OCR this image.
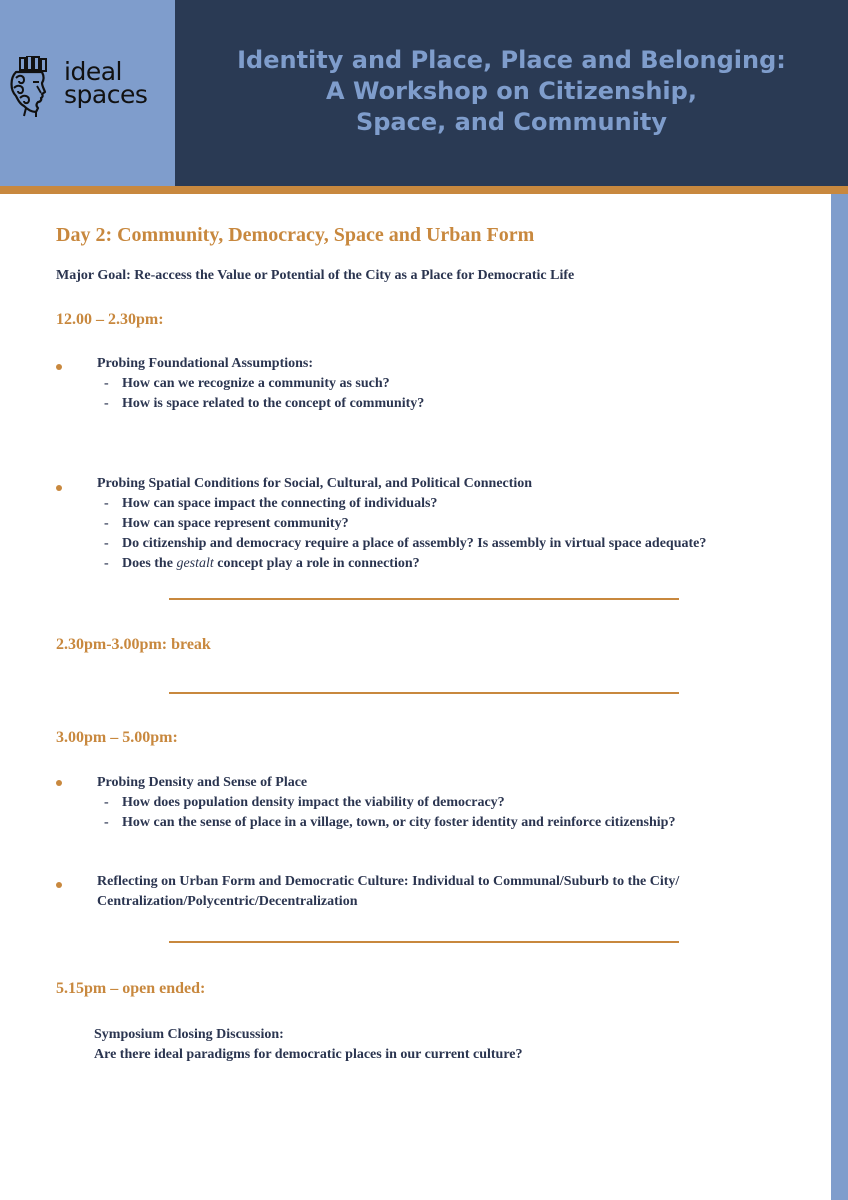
ideal
spaces
Identity and Place, Place and Belonging:
A Workshop on Citizenship,
Space, and Community
Day 2: Community, Democracy, Space and Urban Form
Major Goal: Re-access the Value or Potential of the City as a Place for Democratic Life
12.00 – 2.30pm:
Probing Foundational Assumptions:
- How can we recognize a community as such?
- How is space related to the concept of community?
Probing Spatial Conditions for Social, Cultural, and Political Connection
- How can space impact the connecting of individuals?
- How can space represent community?
- Do citizenship and democracy require a place of assembly? Is assembly in virtual space adequate?
- Does the gestalt concept play a role in connection?
2.30pm-3.00pm: break
3.00pm – 5.00pm:
Probing Density and Sense of Place
- How does population density impact the viability of democracy?
- How can the sense of place in a village, town, or city foster identity and reinforce citizenship?
Reflecting on Urban Form and Democratic Culture: Individual to Communal/Suburb to the City/
Centralization/Polycentric/Decentralization
5.15pm – open ended:
Symposium Closing Discussion:
Are there ideal paradigms for democratic places in our current culture?
